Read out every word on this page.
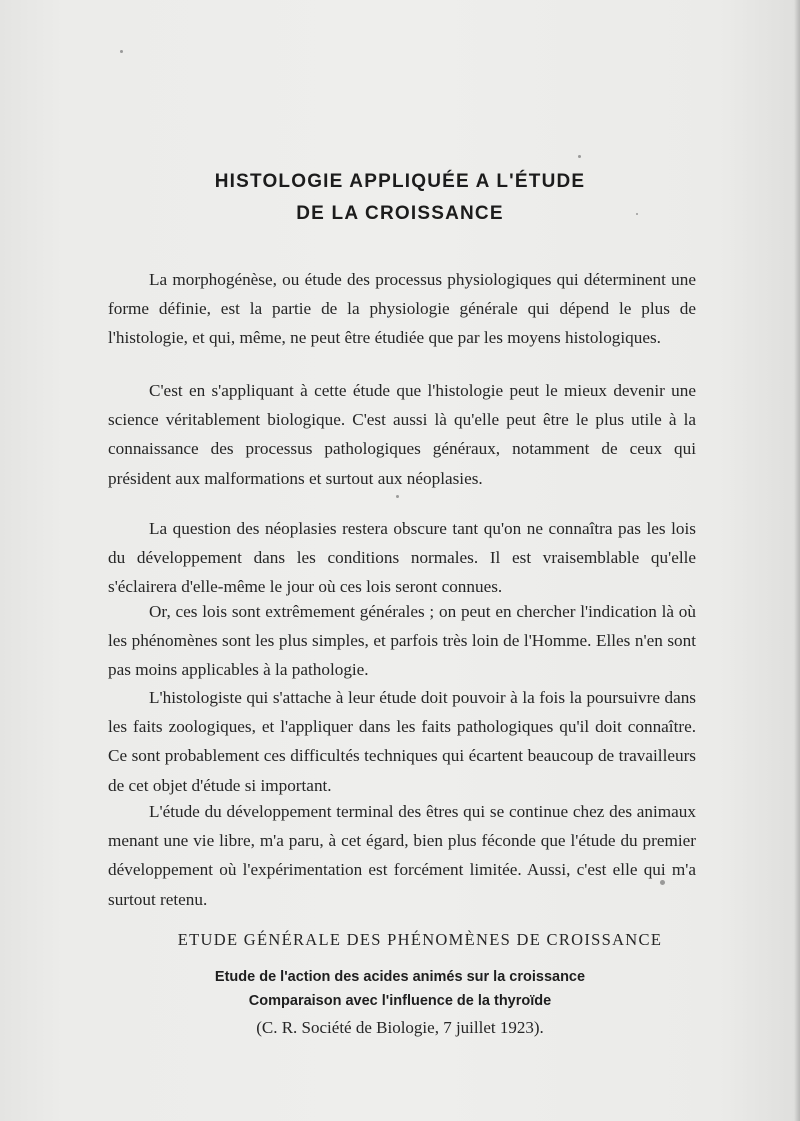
HISTOLOGIE APPLIQUÉE A L'ÉTUDE
DE LA CROISSANCE

La morphogénèse, ou étude des processus physiologiques qui déterminent une forme définie, est la partie de la physiologie générale qui dépend le plus de l'histologie, et qui, même, ne peut être étudiée que par les moyens histologiques.

C'est en s'appliquant à cette étude que l'histologie peut le mieux devenir une science véritablement biologique. C'est aussi là qu'elle peut être le plus utile à la connaissance des processus pathologiques généraux, notamment de ceux qui président aux malformations et surtout aux néoplasies.

La question des néoplasies restera obscure tant qu'on ne connaîtra pas les lois du développement dans les conditions normales. Il est vraisemblable qu'elle s'éclairera d'elle-même le jour où ces lois seront connues.

Or, ces lois sont extrêmement générales ; on peut en chercher l'indication là où les phénomènes sont les plus simples, et parfois très loin de l'Homme. Elles n'en sont pas moins applicables à la pathologie.

L'histologiste qui s'attache à leur étude doit pouvoir à la fois la poursuivre dans les faits zoologiques, et l'appliquer dans les faits pathologiques qu'il doit connaître. Ce sont probablement ces difficultés techniques qui écartent beaucoup de travailleurs de cet objet d'étude si important.

L'étude du développement terminal des êtres qui se continue chez des animaux menant une vie libre, m'a paru, à cet égard, bien plus féconde que l'étude du premier développement où l'expérimentation est forcément limitée. Aussi, c'est elle qui m'a surtout retenu.

ETUDE GÉNÉRALE DES PHÉNOMÈNES DE CROISSANCE
Etude de l'action des acides animés sur la croissance
Comparaison avec l'influence de la thyroïde
(C. R. Société de Biologie, 7 juillet 1923).
